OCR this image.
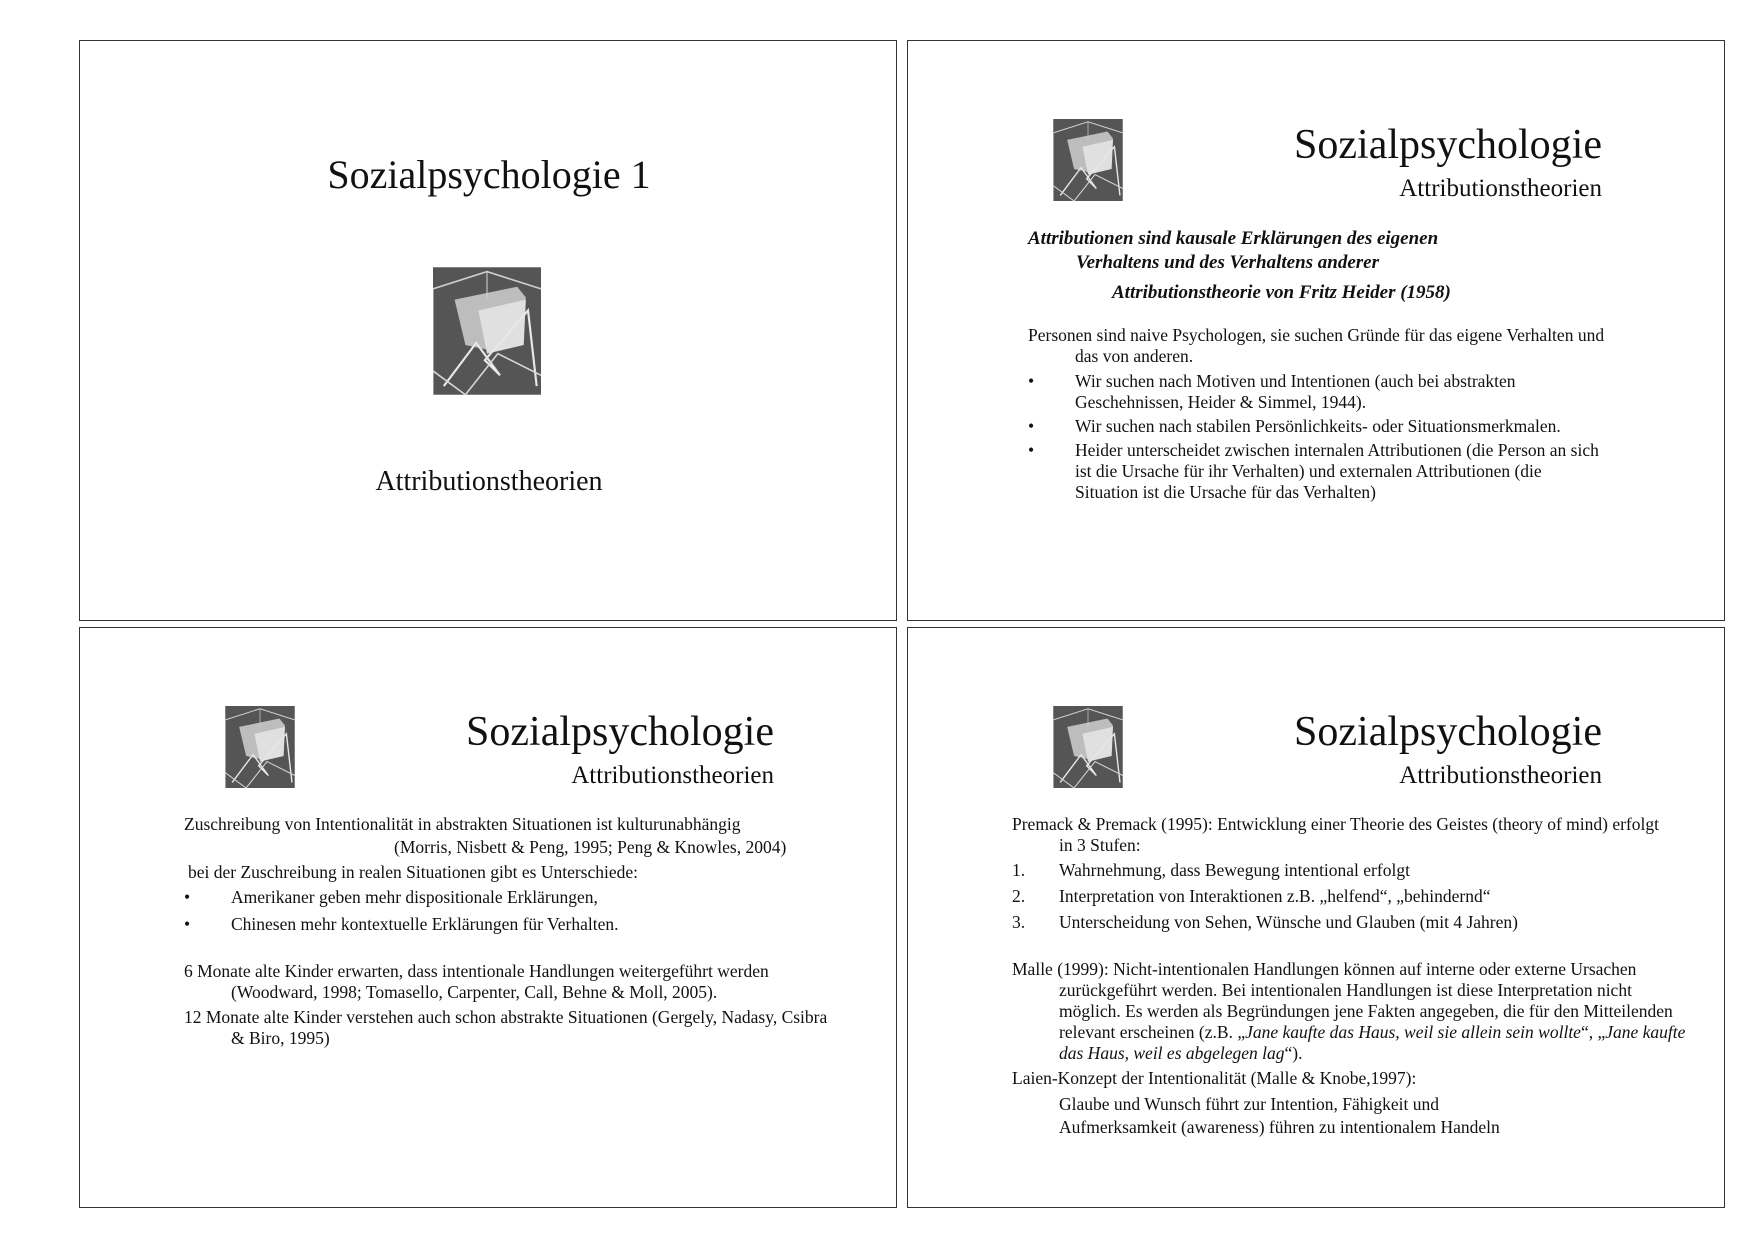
Sozialpsychologie 1
Attributionstheorien
Sozialpsychologie
Attributionstheorien
Attributionen sind kausale Erklärungen des eigenen
Verhaltens und des Verhaltens anderer
Attributionstheorie von Fritz Heider (1958)

Personen sind naive Psychologen, sie suchen Gründe für das eigene Verhalten und das von anderen.

• Wir suchen nach Motiven und Intentionen (auch bei abstrakten Geschehnissen, Heider & Simmel, 1944).
• Wir suchen nach stabilen Persönlichkeits- oder Situationsmerkmalen.
• Heider unterscheidet zwischen internalen Attributionen (die Person an sich ist die Ursache für ihr Verhalten) und externalen Attributionen (die Situation ist die Ursache für das Verhalten)
Sozialpsychologie
Attributionstheorien

Zuschreibung von Intentionalität in abstrakten Situationen ist kulturunabhängig

(Morris, Nisbett & Peng, 1995; Peng & Knowles, 2004)

bei der Zuschreibung in realen Situationen gibt es Unterschiede:

• Amerikaner geben mehr dispositionale Erklärungen,
• Chinesen mehr kontextuelle Erklärungen für Verhalten.

6 Monate alte Kinder erwarten, dass intentionale Handlungen weitergeführt werden (Woodward, 1998; Tomasello, Carpenter, Call, Behne & Moll, 2005).

12 Monate alte Kinder verstehen auch schon abstrakte Situationen (Gergely, Nadasy, Csibra & Biro, 1995)

Sozialpsychologie
Attributionstheorien

Premack & Premack (1995): Entwicklung einer Theorie des Geistes (theory of mind) erfolgt in 3 Stufen:

1. Wahrnehmung, dass Bewegung intentional erfolgt
2. Interpretation von Interaktionen z.B. „helfend“, „behindernd“
3. Unterscheidung von Sehen, Wünsche und Glauben (mit 4 Jahren)

Malle (1999): Nicht-intentionalen Handlungen können auf interne oder externe Ursachen zurückgeführt werden. Bei intentionalen Handlungen ist diese Interpretation nicht möglich. Es werden als Begründungen jene Fakten angegeben, die für den Mitteilenden relevant erscheinen (z.B. „Jane kaufte das Haus, weil sie allein sein wollte“, „Jane kaufte das Haus, weil es abgelegen lag“).

Laien-Konzept der Intentionalität (Malle & Knobe,1997):

Glaube und Wunsch führt zur Intention, Fähigkeit und Aufmerksamkeit (awareness) führen zu intentionalem Handeln
